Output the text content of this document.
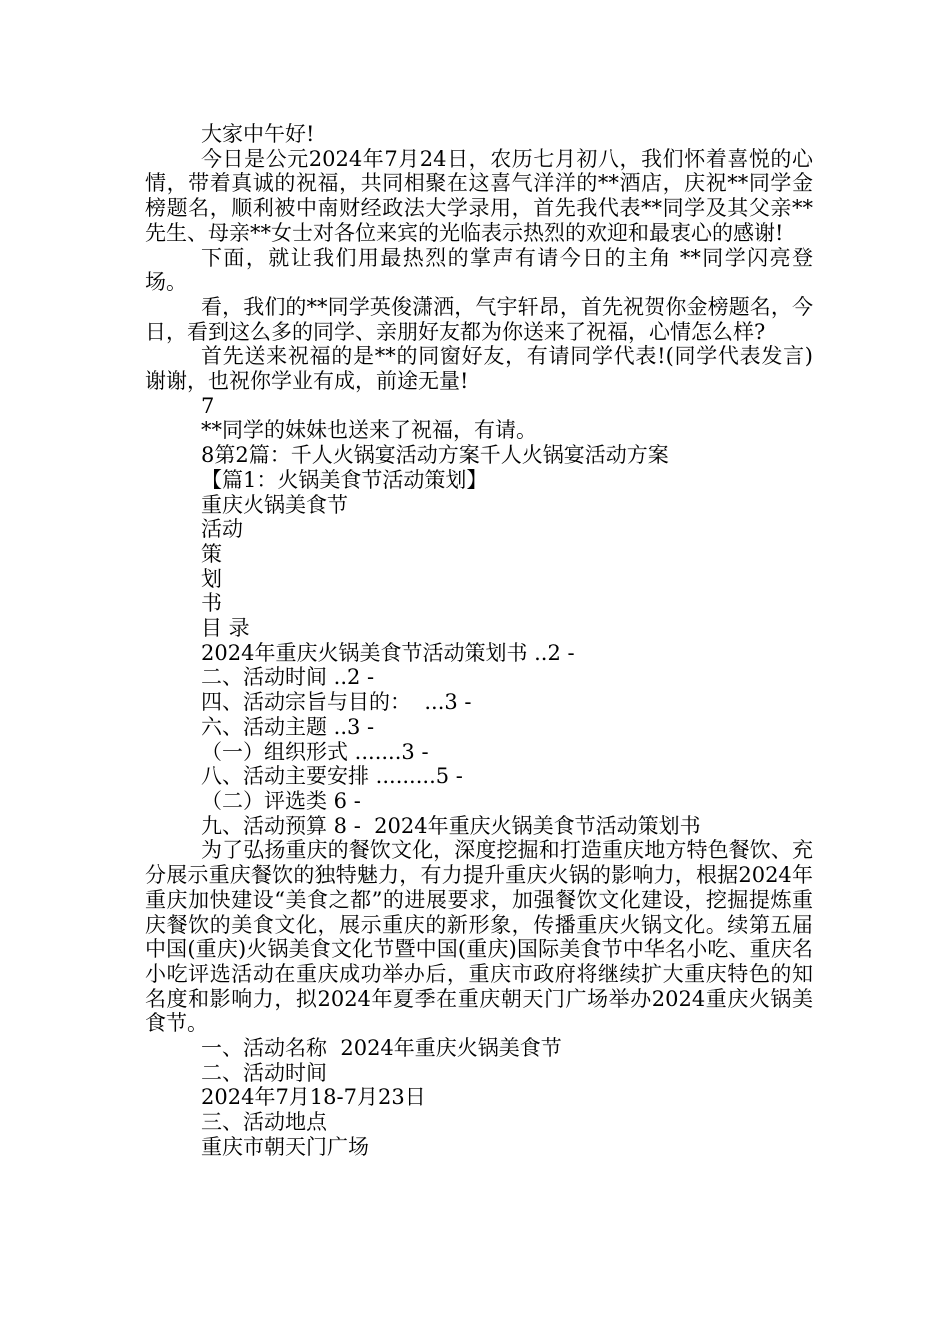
大家中午好!
今日是公元2024年7月24日，农历七月初八，我们怀着喜悦的心情，带着真诚的祝福，共同相聚在这喜气洋洋的**酒店，庆祝**同学金榜题名，顺利被中南财经政法大学录用，首先我代表**同学及其父亲**先生、母亲**女士对各位来宾的光临表示热烈的欢迎和最衷心的感谢!
下面，就让我们用最热烈的掌声有请今日的主角 **同学闪亮登场。
看，我们的**同学英俊潇洒，气宇轩昂，首先祝贺你金榜题名，今日，看到这么多的同学、亲朋好友都为你送来了祝福，心情怎么样?
首先送来祝福的是**的同窗好友，有请同学代表!(同学代表发言)谢谢，也祝你学业有成，前途无量!
7
**同学的妹妹也送来了祝福，有请。
8第2篇：千人火锅宴活动方案千人火锅宴活动方案
【篇1：火锅美食节活动策划】
重庆火锅美食节
活动
策
划
书
目 录
2024年重庆火锅美食节活动策划书 ..2 -
二、活动时间 ..2 -
四、活动宗旨与目的：  ...3 -
六、活动主题 ..3 -
（一）组织形式 .......3 -
八、活动主要安排 .........5 -
（二）评选类 6 -
九、活动预算 8 -  2024年重庆火锅美食节活动策划书
为了弘扬重庆的餐饮文化，深度挖掘和打造重庆地方特色餐饮、充分展示重庆餐饮的独特魅力，有力提升重庆火锅的影响力，根据2024年重庆加快建设“美食之都”的进展要求，加强餐饮文化建设，挖掘提炼重庆餐饮的美食文化，展示重庆的新形象，传播重庆火锅文化。续第五届中国(重庆)火锅美食文化节暨中国(重庆)国际美食节中华名小吃、重庆名小吃评选活动在重庆成功举办后，重庆市政府将继续扩大重庆特色的知名度和影响力，拟2024年夏季在重庆朝天门广场举办2024重庆火锅美食节。
一、活动名称  2024年重庆火锅美食节
二、活动时间
2024年7月18-7月23日
三、活动地点
重庆市朝天门广场
